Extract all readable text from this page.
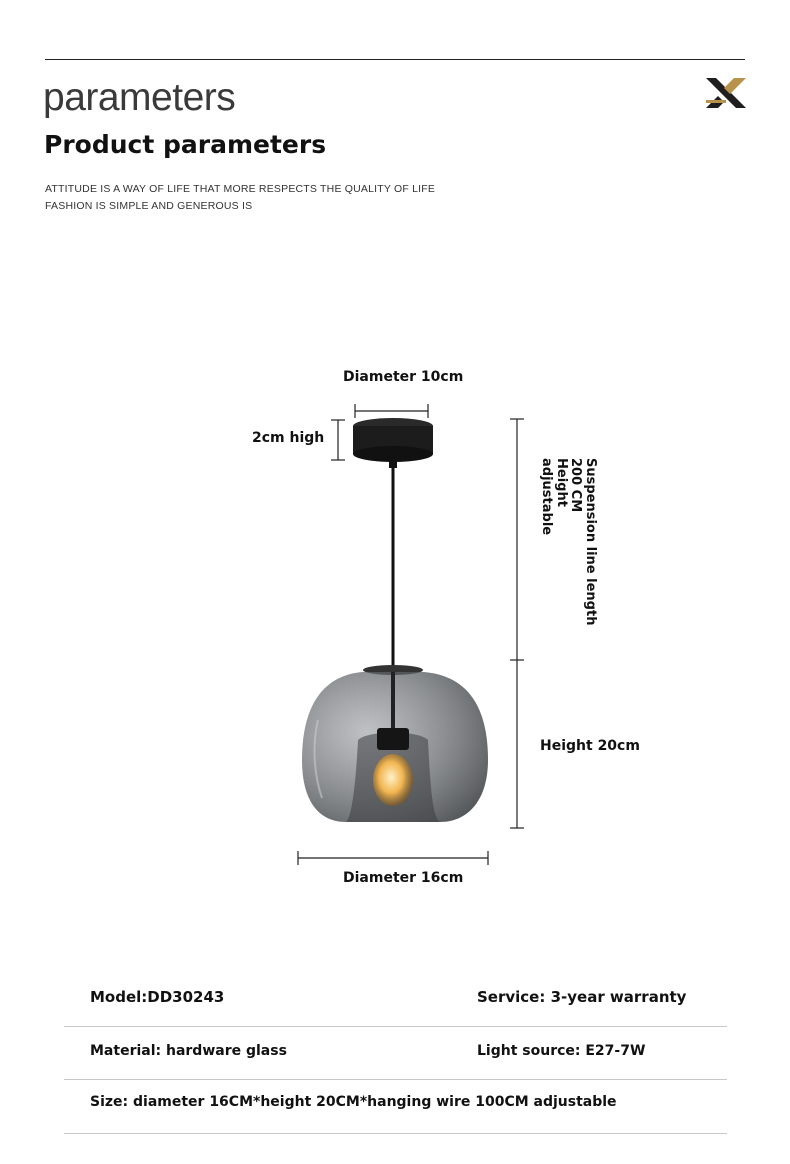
parameters
Product parameters
ATTITUDE IS A WAY OF LIFE THAT MORE RESPECTS THE QUALITY OF LIFE
FASHION IS SIMPLE AND GENEROUS IS
Diameter 10cm
2cm high
Suspension line length 200 CM
Height adjustable
Height 20cm
Diameter 16cm
Model:DD30243	Service: 3-year warranty
Material: hardware glass	Light source: E27-7W
Size: diameter 16CM*height 20CM*hanging wire 100CM adjustable
